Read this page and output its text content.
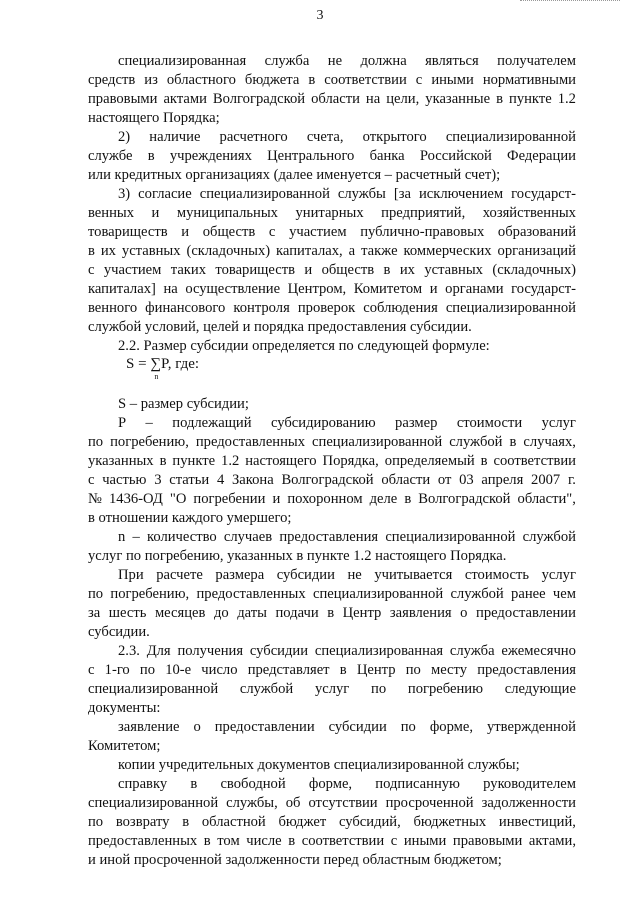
3
специализированная служба не должна являться получателем
средств из областного бюджета в соответствии с иными нормативными
правовыми актами Волгоградской области на цели, указанные в пункте 1.2
настоящего Порядка;
2) наличие расчетного счета, открытого специализированной
службе в учреждениях Центрального банка Российской Федерации
или кредитных организациях (далее именуется – расчетный счет);
3) согласие специализированной службы [за исключением государст-
венных и муниципальных унитарных предприятий, хозяйственных
товариществ и обществ с участием публично-правовых образований
в их уставных (складочных) капиталах, а также коммерческих организаций
с участием таких товариществ и обществ в их уставных (складочных)
капиталах] на осуществление Центром, Комитетом и органами государст-
венного финансового контроля проверок соблюдения специализированной
службой условий, целей и порядка предоставления субсидии.
2.2. Размер субсидии определяется по следующей формуле:
S = ∑
n
P, где:
S – размер субсидии;
P – подлежащий субсидированию размер стоимости услуг
по погребению, предоставленных специализированной службой в случаях,
указанных в пункте 1.2 настоящего Порядка, определяемый в соответствии
с частью 3 статьи 4 Закона Волгоградской области от 03 апреля 2007 г.
№ 1436-ОД "О погребении и похоронном деле в Волгоградской области",
в отношении каждого умершего;
n – количество случаев предоставления специализированной службой
услуг по погребению, указанных в пункте 1.2 настоящего Порядка.
При расчете размера субсидии не учитывается стоимость услуг
по погребению, предоставленных специализированной службой ранее чем
за шесть месяцев до даты подачи в Центр заявления о предоставлении
субсидии.
2.3. Для получения субсидии специализированная служба ежемесячно
с 1-го по 10-е число представляет в Центр по месту предоставления
специализированной службой услуг по погребению следующие
документы:
заявление о предоставлении субсидии по форме, утвержденной
Комитетом;
копии учредительных документов специализированной службы;
справку в свободной форме, подписанную руководителем
специализированной службы, об отсутствии просроченной задолженности
по возврату в областной бюджет субсидий, бюджетных инвестиций,
предоставленных в том числе в соответствии с иными правовыми актами,
и иной просроченной задолженности перед областным бюджетом;
